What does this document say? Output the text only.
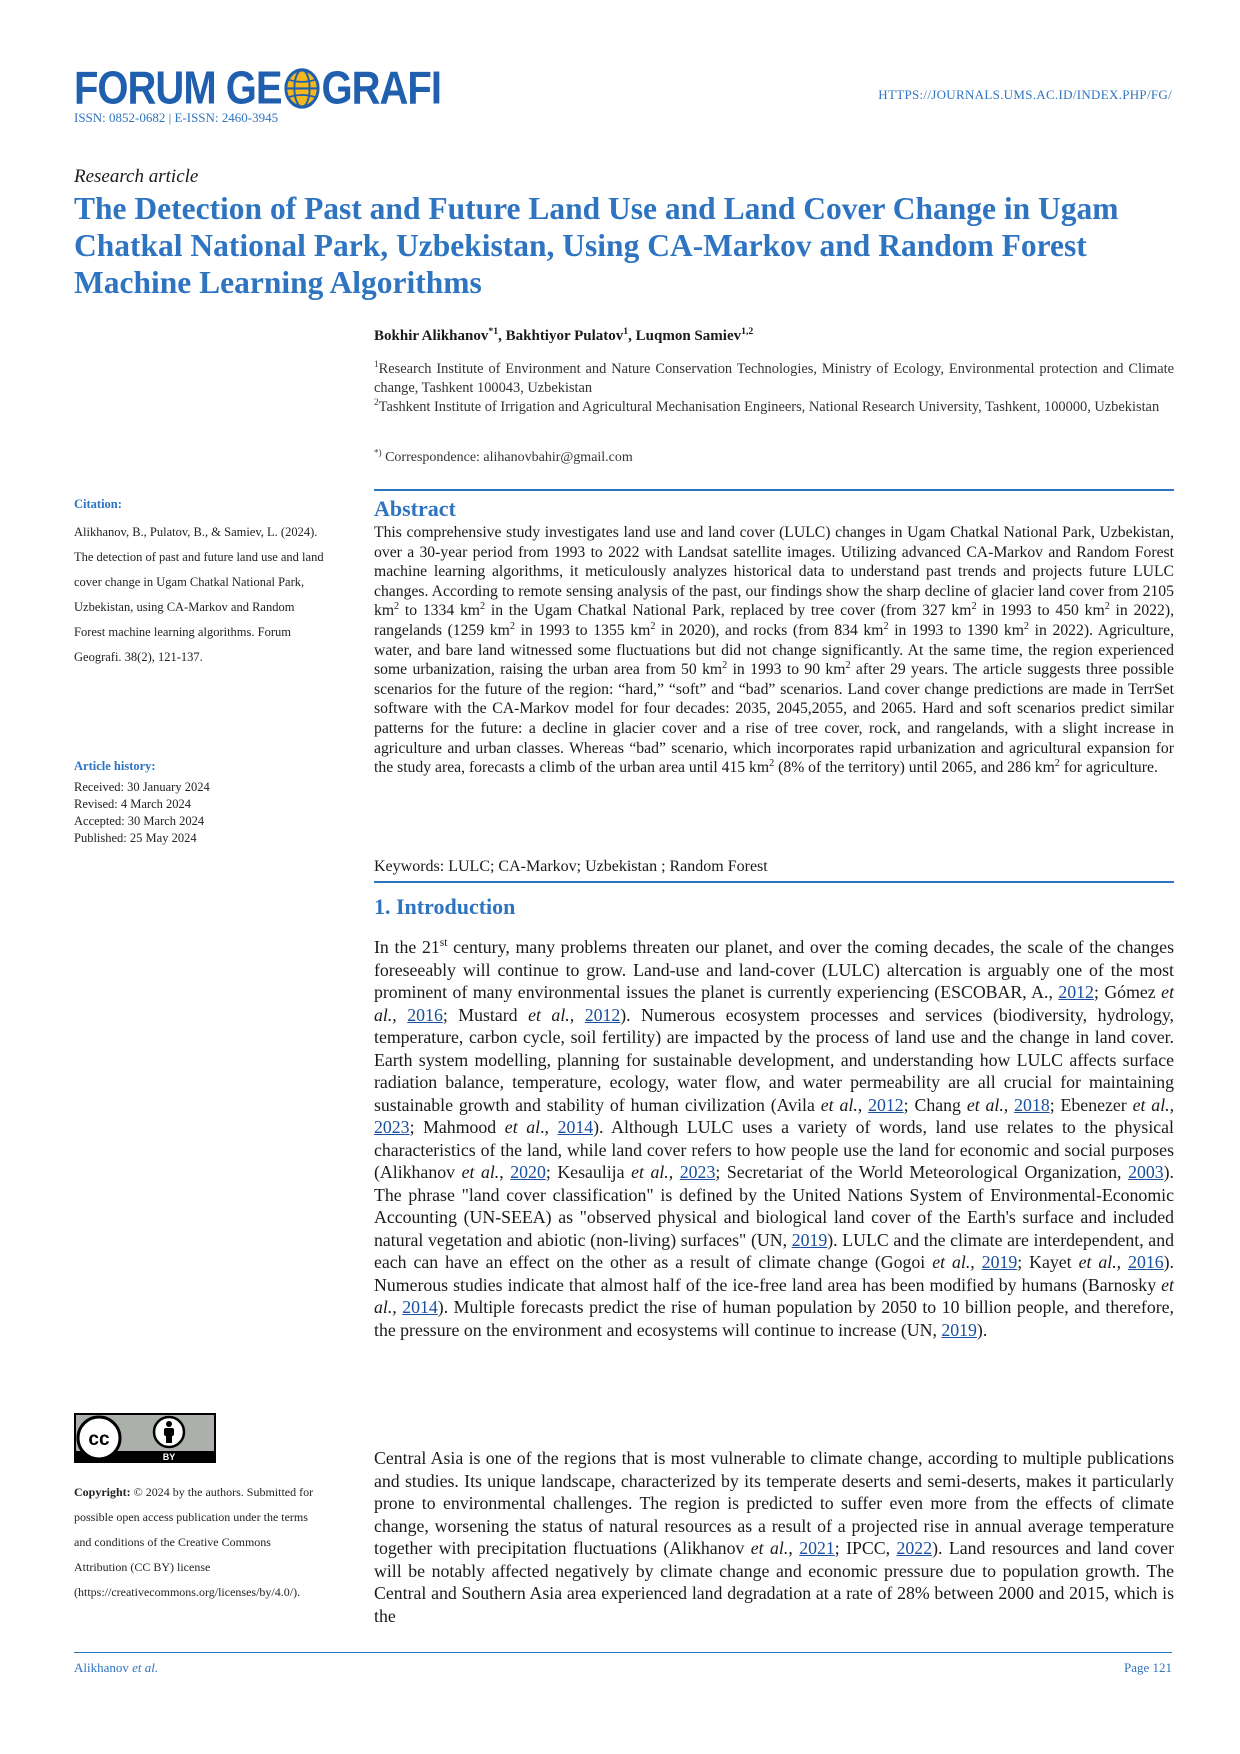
FORUM GE GRAFI
ISSN: 0852-0682 | E-ISSN: 2460-3945
HTTPS://JOURNALS.UMS.AC.ID/INDEX.PHP/FG/
Research article
The Detection of Past and Future Land Use and Land Cover Change in Ugam Chatkal National Park, Uzbekistan, Using CA-Markov and Random Forest Machine Learning Algorithms
Bokhir Alikhanov$^{*1}$, Bakhtiyor Pulatov$^1$, Luqmon Samiev$^{1,2}$

$^1$Research Institute of Environment and Nature Conservation Technologies, Ministry of Ecology, Environmental protection and Climate change, Tashkent 100043, Uzbekistan

$^2$Tashkent Institute of Irrigation and Agricultural Mechanisation Engineers, National Research University, Tashkent, 100000, Uzbekistan

*) Correspondence: alihanovbahir@gmail.com
Citation:
Alikhanov, B., Pulatov, B., & Samiev, L. (2024). The detection of past and future land use and land cover change in Ugam Chatkal National Park, Uzbekistan, using CA-Markov and Random Forest machine learning algorithms. Forum Geografi. 38(2), 121-137.
Article history:
Received: 30 January 2024
Revised: 4 March 2024
Accepted: 30 March 2024
Published: 25 May 2024
cc
BY
Copyright: © 2024 by the authors. Submitted for possible open access publication under the terms and conditions of the Creative Commons Attribution (CC BY) license (https://creativecommons.org/licenses/by/4.0/).
Abstract
This comprehensive study investigates land use and land cover (LULC) changes in Ugam Chatkal National Park, Uzbekistan, over a 30-year period from 1993 to 2022 with Landsat satellite images. Utilizing advanced CA-Markov and Random Forest machine learning algorithms, it meticulously analyzes historical data to understand past trends and projects future LULC changes. According to remote sensing analysis of the past, our findings show the sharp decline of glacier land cover from 2105 $km^2$ to 1334 $km^2$ in the Ugam Chatkal National Park, replaced by tree cover (from 327 $km^2$ in 1993 to 450 $km^2$ in 2022), rangelands (1259 $km^2$ in 1993 to 1355 $km^2$ in 2020), and rocks (from 834 $km^2$ in 1993 to 1390 $km^2$ in 2022). Agriculture, water, and bare land witnessed some fluctuations but did not change significantly. At the same time, the region experienced some urbanization, raising the urban area from 50 $km^2$ in 1993 to 90 $km^2$ after 29 years. The article suggests three possible scenarios for the future of the region: “hard,” “soft” and “bad” scenarios. Land cover change predictions are made in TerrSet software with the CA-Markov model for four decades: 2035, 2045,2055, and 2065. Hard and soft scenarios predict similar patterns for the future: a decline in glacier cover and a rise of tree cover, rock, and rangelands, with a slight increase in agriculture and urban classes. Whereas “bad” scenario, which incorporates rapid urbanization and agricultural expansion for the study area, forecasts a climb of the urban area until 415 $km^2$ (8% of the territory) until 2065, and 286 $km^2$ for agriculture.
Keywords: LULC; CA-Markov; Uzbekistan ; Random Forest
1. Introduction
In the 21st century, many problems threaten our planet, and over the coming decades, the scale of the changes foreseeably will continue to grow. Land-use and land-cover (LULC) altercation is arguably one of the most prominent of many environmental issues the planet is currently experiencing (ESCOBAR, A., 2012; Gómez et al., 2016; Mustard et al., 2012). Numerous ecosystem processes and services (biodiversity, hydrology, temperature, carbon cycle, soil fertility) are impacted by the process of land use and the change in land cover. Earth system modelling, planning for sustainable development, and understanding how LULC affects surface radiation balance, temperature, ecology, water flow, and water permeability are all crucial for maintaining sustainable growth and stability of human civilization (Avila et al., 2012; Chang et al., 2018; Ebenezer et al., 2023; Mahmood et al., 2014). Although LULC uses a variety of words, land use relates to the physical characteristics of the land, while land cover refers to how people use the land for economic and social purposes (Alikhanov et al., 2020; Kesaulija et al., 2023; Secretariat of the World Meteorological Organization, 2003). The phrase "land cover classification" is defined by the United Nations System of Environmental-Economic Accounting (UN-SEEA) as "observed physical and biological land cover of the Earth's surface and included natural vegetation and abiotic (non-living) surfaces" (UN, 2019). LULC and the climate are interdependent, and each can have an effect on the other as a result of climate change (Gogoi et al., 2019; Kayet et al., 2016). Numerous studies indicate that almost half of the ice-free land area has been modified by humans (Barnosky et al., 2014). Multiple forecasts predict the rise of human population by 2050 to 10 billion people, and therefore, the pressure on the environment and ecosystems will continue to increase (UN, 2019).
Central Asia is one of the regions that is most vulnerable to climate change, according to multiple publications and studies. Its unique landscape, characterized by its temperate deserts and semi-deserts, makes it particularly prone to environmental challenges. The region is predicted to suffer even more from the effects of climate change, worsening the status of natural resources as a result of a projected rise in annual average temperature together with precipitation fluctuations (Alikhanov et al., 2021; IPCC, 2022). Land resources and land cover will be notably affected negatively by climate change and economic pressure due to population growth. The Central and Southern Asia area experienced land degradation at a rate of 28% between 2000 and 2015, which is the
Alikhanov et al.	Page 121
